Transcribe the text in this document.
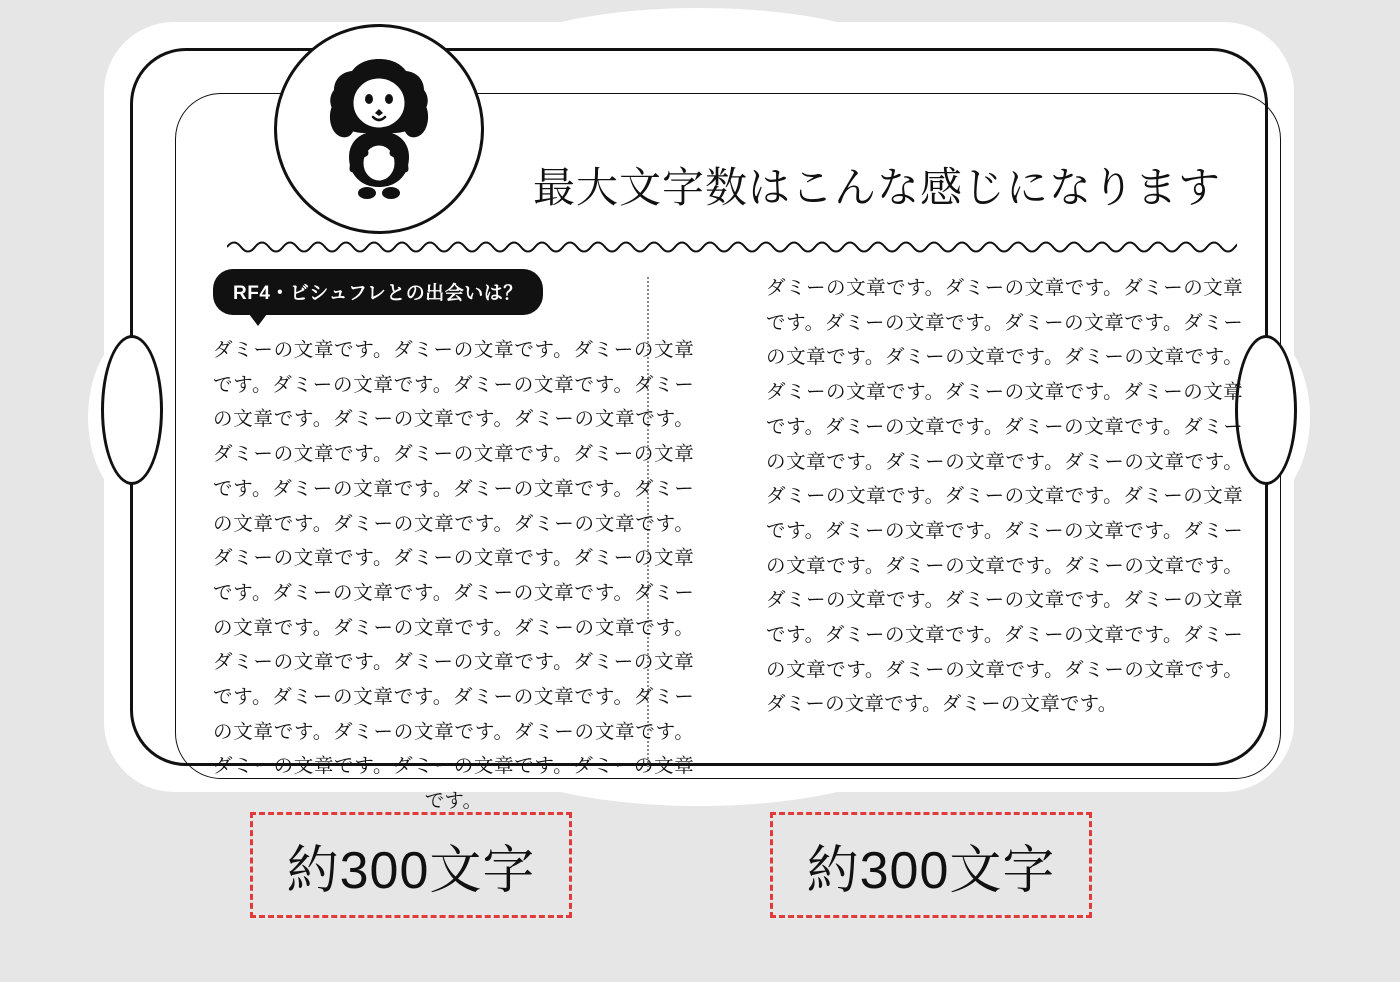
最大文字数はこんな感じになります
RF4・ビシュフレとの出会いは？
ダミーの文章です。ダミーの文章です。ダミーの文章です。ダミーの文章です。ダミーの文章です。ダミーの文章です。ダミーの文章です。ダミーの文章です。ダミーの文章です。ダミーの文章です。ダミーの文章です。ダミーの文章です。ダミーの文章です。ダミーの文章です。ダミーの文章です。ダミーの文章です。ダミーの文章です。ダミーの文章です。ダミーの文章です。ダミーの文章です。ダミーの文章です。ダミーの文章です。ダミーの文章です。ダミーの文章です。ダミーの文章です。ダミーの文章です。ダミーの文章です。ダミーの文章です。ダミーの文章です。ダミーの文章です。ダミーの文章です。ダミーの文章です。ダミーの文章です。ダミーの文章です。ダミーの文章です。
ダミーの文章です。ダミーの文章です。ダミーの文章です。ダミーの文章です。ダミーの文章です。ダミーの文章です。ダミーの文章です。ダミーの文章です。ダミーの文章です。ダミーの文章です。ダミーの文章です。ダミーの文章です。ダミーの文章です。ダミーの文章です。ダミーの文章です。ダミーの文章です。ダミーの文章です。ダミーの文章です。ダミーの文章です。ダミーの文章です。ダミーの文章です。ダミーの文章です。ダミーの文章です。ダミーの文章です。ダミーの文章です。ダミーの文章です。ダミーの文章です。ダミーの文章です。ダミーの文章です。ダミーの文章です。ダミーの文章です。ダミーの文章です。ダミーの文章です。ダミーの文章です。
約300文字	約300文字
